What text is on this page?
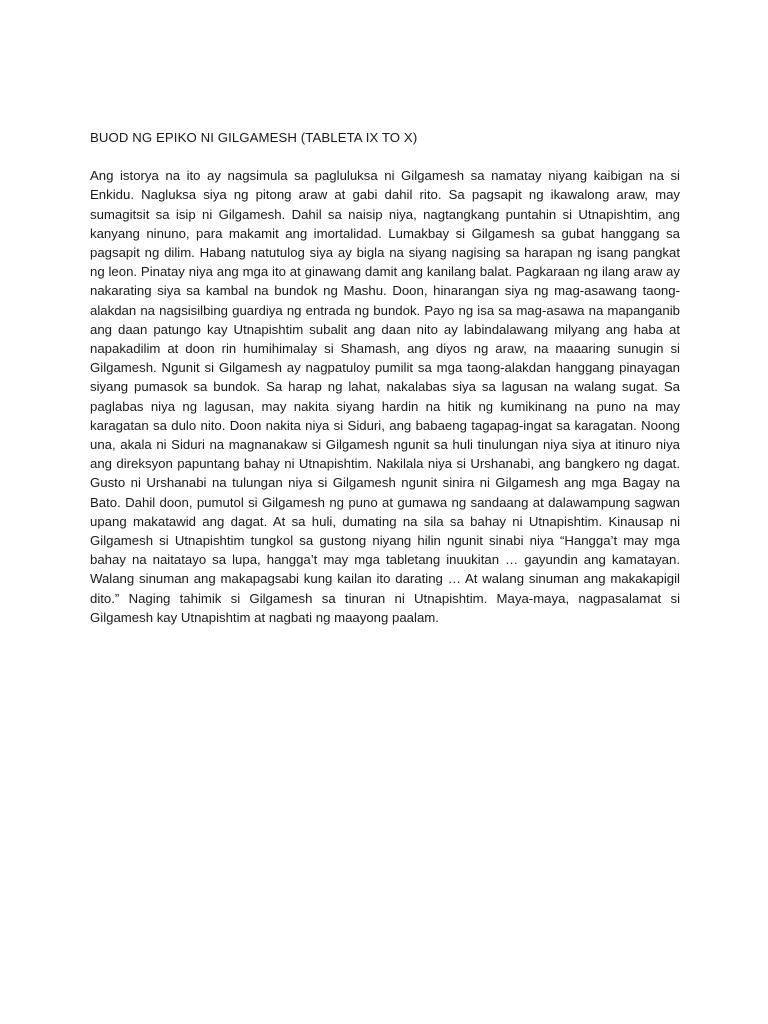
BUOD NG EPIKO NI GILGAMESH (TABLETA IX TO X)

Ang istorya na ito ay nagsimula sa pagluluksa ni Gilgamesh sa namatay niyang kaibigan na si Enkidu. Nagluksa siya ng pitong araw at gabi dahil rito. Sa pagsapit ng ikawalong araw, may sumagitsit sa isip ni Gilgamesh. Dahil sa naisip niya, nagtangkang puntahin si Utnapishtim, ang kanyang ninuno, para makamit ang imortalidad. Lumakbay si Gilgamesh sa gubat hanggang sa pagsapit ng dilim. Habang natutulog siya ay bigla na siyang nagising sa harapan ng isang pangkat ng leon. Pinatay niya ang mga ito at ginawang damit ang kanilang balat. Pagkaraan ng ilang araw ay nakarating siya sa kambal na bundok ng Mashu. Doon, hinarangan siya ng mag-asawang taong-alakdan na nagsisilbing guardiya ng entrada ng bundok. Payo ng isa sa mag-asawa na mapanganib ang daan patungo kay Utnapishtim subalit ang daan nito ay labindalawang milyang ang haba at napakadilim at doon rin humihimalay si Shamash, ang diyos ng araw, na maaaring sunugin si Gilgamesh. Ngunit si Gilgamesh ay nagpatuloy pumilit sa mga taong-alakdan hanggang pinayagan siyang pumasok sa bundok. Sa harap ng lahat, nakalabas siya sa lagusan na walang sugat. Sa paglabas niya ng lagusan, may nakita siyang hardin na hitik ng kumikinang na puno na may karagatan sa dulo nito. Doon nakita niya si Siduri, ang babaeng tagapag-ingat sa karagatan. Noong una, akala ni Siduri na magnanakaw si Gilgamesh ngunit sa huli tinulungan niya siya at itinuro niya ang direksyon papuntang bahay ni Utnapishtim. Nakilala niya si Urshanabi, ang bangkero ng dagat. Gusto ni Urshanabi na tulungan niya si Gilgamesh ngunit sinira ni Gilgamesh ang mga Bagay na Bato. Dahil doon, pumutol si Gilgamesh ng puno at gumawa ng sandaang at dalawampung sagwan upang makatawid ang dagat. At sa huli, dumating na sila sa bahay ni Utnapishtim. Kinausap ni Gilgamesh si Utnapishtim tungkol sa gustong niyang hilin ngunit sinabi niya “Hangga’t may mga bahay na naitatayo sa lupa, hangga’t may mga tabletang inuukitan … gayundin ang kamatayan. Walang sinuman ang makapagsabi kung kailan ito darating … At walang sinuman ang makakapigil dito.” Naging tahimik si Gilgamesh sa tinuran ni Utnapishtim. Maya-maya, nagpasalamat si Gilgamesh kay Utnapishtim at nagbati ng maayong paalam.
